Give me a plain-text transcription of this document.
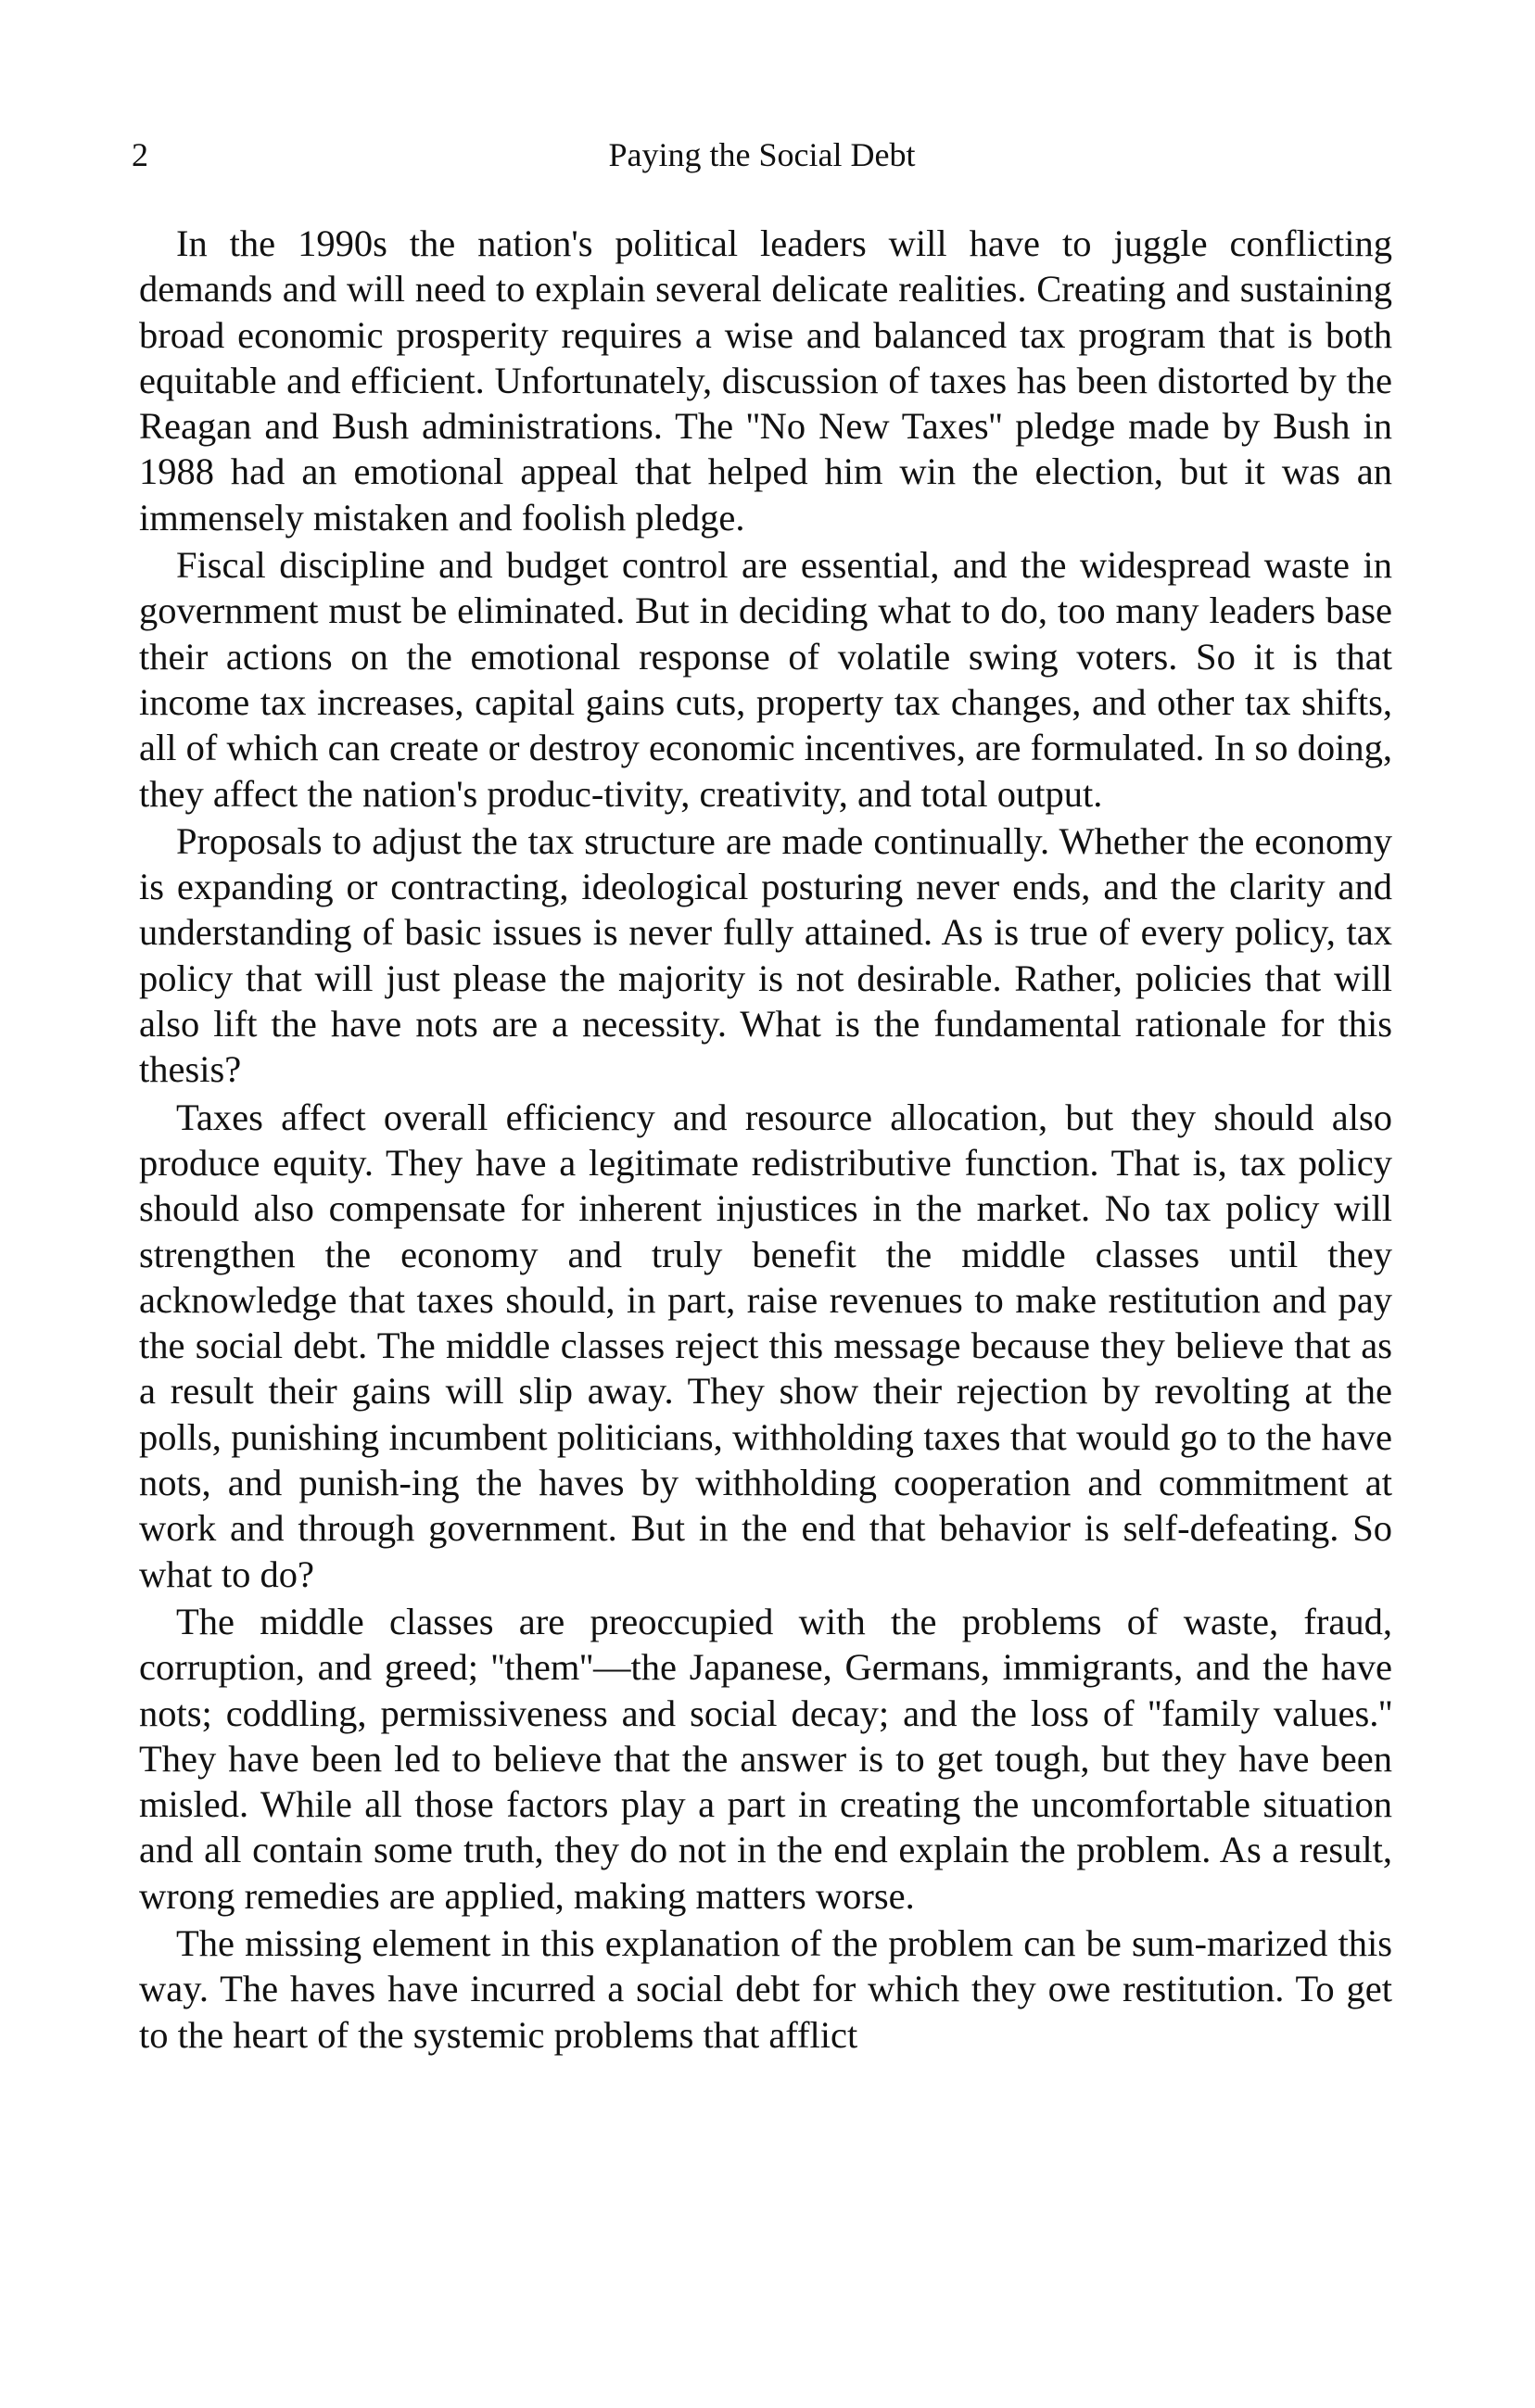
2	Paying the Social Debt

In the 1990s the nation's political leaders will have to juggle conflicting demands and will need to explain several delicate realities. Creating and sustaining broad economic prosperity requires a wise and balanced tax program that is both equitable and efficient. Unfortunately, discussion of taxes has been distorted by the Reagan and Bush administrations. The ''No New Taxes'' pledge made by Bush in 1988 had an emotional appeal that helped him win the election, but it was an immensely mistaken and foolish pledge.

Fiscal discipline and budget control are essential, and the widespread waste in government must be eliminated. But in deciding what to do, too many leaders base their actions on the emotional response of volatile swing voters. So it is that income tax increases, capital gains cuts, property tax changes, and other tax shifts, all of which can create or destroy economic incentives, are formulated. In so doing, they affect the nation's produc-tivity, creativity, and total output.

Proposals to adjust the tax structure are made continually. Whether the economy is expanding or contracting, ideological posturing never ends, and the clarity and understanding of basic issues is never fully attained. As is true of every policy, tax policy that will just please the majority is not desirable. Rather, policies that will also lift the have nots are a necessity. What is the fundamental rationale for this thesis?

Taxes affect overall efficiency and resource allocation, but they should also produce equity. They have a legitimate redistributive function. That is, tax policy should also compensate for inherent injustices in the market. No tax policy will strengthen the economy and truly benefit the middle classes until they acknowledge that taxes should, in part, raise revenues to make restitution and pay the social debt. The middle classes reject this message because they believe that as a result their gains will slip away. They show their rejection by revolting at the polls, punishing incumbent politicians, withholding taxes that would go to the have nots, and punish-ing the haves by withholding cooperation and commitment at work and through government. But in the end that behavior is self-defeating. So what to do?

The middle classes are preoccupied with the problems of waste, fraud, corruption, and greed; ''them''—the Japanese, Germans, immigrants, and the have nots; coddling, permissiveness and social decay; and the loss of ''family values.'' They have been led to believe that the answer is to get tough, but they have been misled. While all those factors play a part in creating the uncomfortable situation and all contain some truth, they do not in the end explain the problem. As a result, wrong remedies are applied, making matters worse.

The missing element in this explanation of the problem can be sum-marized this way. The haves have incurred a social debt for which they owe restitution. To get to the heart of the systemic problems that afflict
